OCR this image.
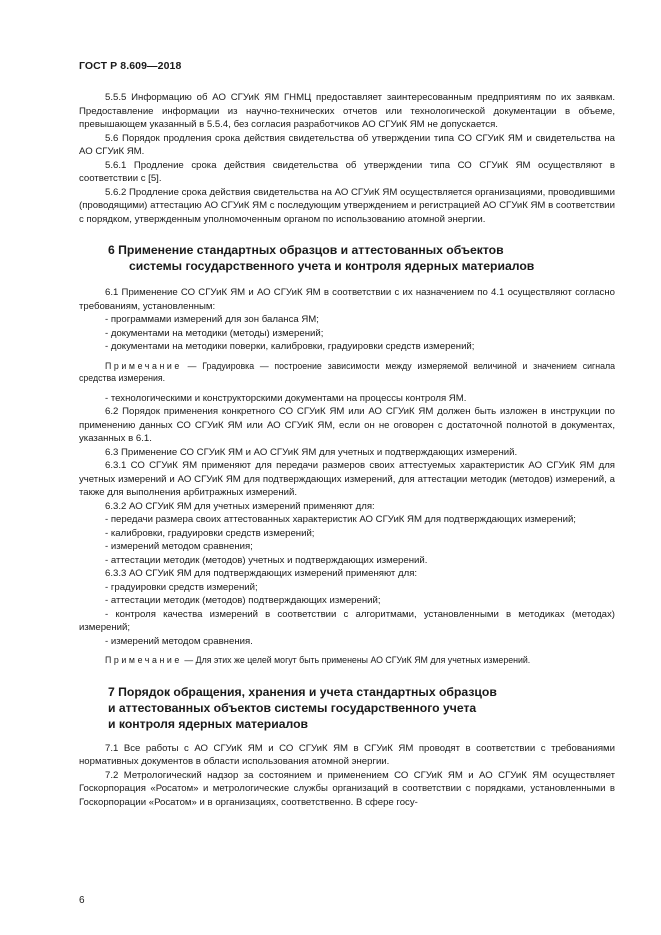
ГОСТ Р 8.609—2018

5.5.5 Информацию об АО СГУиК ЯМ ГНМЦ предоставляет заинтересованным предприятиям по их заявкам. Предоставление информации из научно-технических отчетов или технологической документации в объеме, превышающем указанный в 5.5.4, без согласия разработчиков АО СГУиК ЯМ не допускается.

5.6 Порядок продления срока действия свидетельства об утверждении типа СО СГУиК ЯМ и свидетельства на АО СГУиК ЯМ.

5.6.1 Продление срока действия свидетельства об утверждении типа СО СГУиК ЯМ осуществляют в соответствии с [5].

5.6.2 Продление срока действия свидетельства на АО СГУиК ЯМ осуществляется организациями, проводившими (проводящими) аттестацию АО СГУиК ЯМ с последующим утверждением и регистрацией АО СГУиК ЯМ в соответствии с порядком, утвержденным уполномоченным органом по использованию атомной энергии.

6 Применение стандартных образцов и аттестованных объектов
системы государственного учета и контроля ядерных материалов

6.1 Применение СО СГУиК ЯМ и АО СГУиК ЯМ в соответствии с их назначением по 4.1 осуществляют согласно требованиям, установленным:

- программами измерений для зон баланса ЯМ;

- документами на методики (методы) измерений;

- документами на методики поверки, калибровки, градуировки средств измерений;

Примечание — Градуировка — построение зависимости между измеряемой величиной и значением сигнала средства измерения.

- технологическими и конструкторскими документами на процессы контроля ЯМ.

6.2 Порядок применения конкретного СО СГУиК ЯМ или АО СГУиК ЯМ должен быть изложен в инструкции по применению данных СО СГУиК ЯМ или АО СГУиК ЯМ, если он не оговорен с достаточной полнотой в документах, указанных в 6.1.

6.3 Применение СО СГУиК ЯМ и АО СГУиК ЯМ для учетных и подтверждающих измерений.

6.3.1 СО СГУиК ЯМ применяют для передачи размеров своих аттестуемых характеристик АО СГУиК ЯМ для учетных измерений и АО СГУиК ЯМ для подтверждающих измерений, для аттестации методик (методов) измерений, а также для выполнения арбитражных измерений.

6.3.2 АО СГУиК ЯМ для учетных измерений применяют для:

- передачи размера своих аттестованных характеристик АО СГУиК ЯМ для подтверждающих измерений;

- калибровки, градуировки средств измерений;

- измерений методом сравнения;

- аттестации методик (методов) учетных и подтверждающих измерений.

6.3.3 АО СГУиК ЯМ для подтверждающих измерений применяют для:

- градуировки средств измерений;

- аттестации методик (методов) подтверждающих измерений;

- контроля качества измерений в соответствии с алгоритмами, установленными в методиках (методах) измерений;

- измерений методом сравнения.

Примечание — Для этих же целей могут быть применены АО СГУиК ЯМ для учетных измерений.

7 Порядок обращения, хранения и учета стандартных образцов
и аттестованных объектов системы государственного учета
и контроля ядерных материалов

7.1 Все работы с АО СГУиК ЯМ и СО СГУиК ЯМ в СГУиК ЯМ проводят в соответствии с требованиями нормативных документов в области использования атомной энергии.

7.2 Метрологический надзор за состоянием и применением СО СГУиК ЯМ и АО СГУиК ЯМ осуществляет Госкорпорация «Росатом» и метрологические службы организаций в соответствии с порядками, установленными в Госкорпорации «Росатом» и в организациях, соответственно. В сфере госу-

6
